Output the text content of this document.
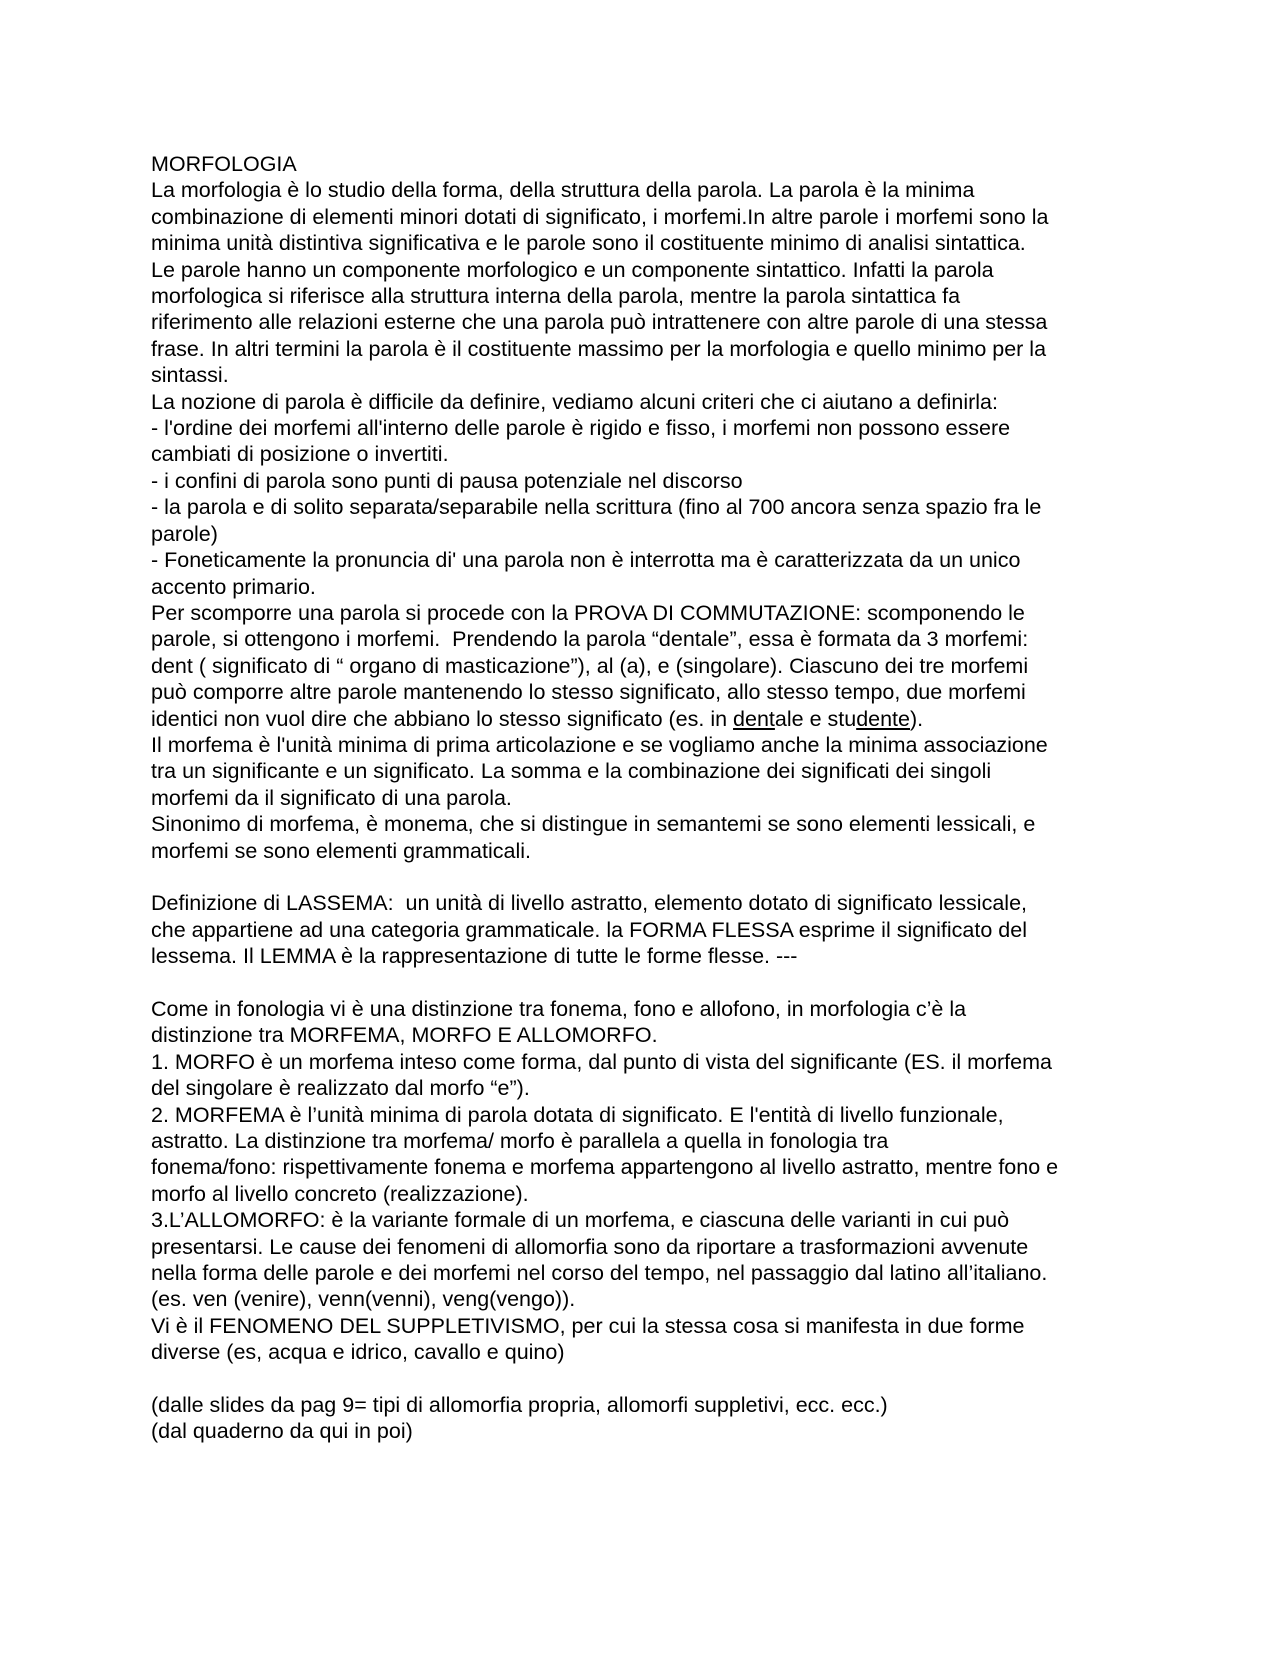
MORFOLOGIA
La morfologia è lo studio della forma, della struttura della parola. La parola è la minima
combinazione di elementi minori dotati di significato, i morfemi.In altre parole i morfemi sono la
minima unità distintiva significativa e le parole sono il costituente minimo di analisi sintattica.
Le parole hanno un componente morfologico e un componente sintattico. Infatti la parola
morfologica si riferisce alla struttura interna della parola, mentre la parola sintattica fa
riferimento alle relazioni esterne che una parola può intrattenere con altre parole di una stessa
frase. In altri termini la parola è il costituente massimo per la morfologia e quello minimo per la
sintassi.
La nozione di parola è difficile da definire, vediamo alcuni criteri che ci aiutano a definirla:
- l'ordine dei morfemi all'interno delle parole è rigido e fisso, i morfemi non possono essere
cambiati di posizione o invertiti.
- i confini di parola sono punti di pausa potenziale nel discorso
- la parola e di solito separata/separabile nella scrittura (fino al 700 ancora senza spazio fra le
parole)
- Foneticamente la pronuncia di' una parola non è interrotta ma è caratterizzata da un unico
accento primario.
Per scomporre una parola si procede con la PROVA DI COMMUTAZIONE: scomponendo le
parole, si ottengono i morfemi.  Prendendo la parola “dentale”, essa è formata da 3 morfemi:
dent ( significato di “ organo di masticazione”), al (a), e (singolare). Ciascuno dei tre morfemi
può comporre altre parole mantenendo lo stesso significato, allo stesso tempo, due morfemi
identici non vuol dire che abbiano lo stesso significato (es. in dentale e studente).
Il morfema è l'unità minima di prima articolazione e se vogliamo anche la minima associazione
tra un significante e un significato. La somma e la combinazione dei significati dei singoli
morfemi da il significato di una parola.
Sinonimo di morfema, è monema, che si distingue in semantemi se sono elementi lessicali, e
morfemi se sono elementi grammaticali.
Definizione di LASSEMA:  un unità di livello astratto, elemento dotato di significato lessicale,
che appartiene ad una categoria grammaticale. la FORMA FLESSA esprime il significato del
lessema. Il LEMMA è la rappresentazione di tutte le forme flesse. ---
Come in fonologia vi è una distinzione tra fonema, fono e allofono, in morfologia c’è la
distinzione tra MORFEMA, MORFO E ALLOMORFO.
1. MORFO è un morfema inteso come forma, dal punto di vista del significante (ES. il morfema
del singolare è realizzato dal morfo “e”).
2. MORFEMA è l’unità minima di parola dotata di significato. E l'entità di livello funzionale,
astratto. La distinzione tra morfema/ morfo è parallela a quella in fonologia tra
fonema/fono: rispettivamente fonema e morfema appartengono al livello astratto, mentre fono e
morfo al livello concreto (realizzazione).
3.L’ALLOMORFO: è la variante formale di un morfema, e ciascuna delle varianti in cui può
presentarsi. Le cause dei fenomeni di allomorfia sono da riportare a trasformazioni avvenute
nella forma delle parole e dei morfemi nel corso del tempo, nel passaggio dal latino all’italiano.
(es. ven (venire), venn(venni), veng(vengo)).
Vi è il FENOMENO DEL SUPPLETIVISMO, per cui la stessa cosa si manifesta in due forme
diverse (es, acqua e idrico, cavallo e quino)
(dalle slides da pag 9= tipi di allomorfia propria, allomorfi suppletivi, ecc. ecc.)
(dal quaderno da qui in poi)
